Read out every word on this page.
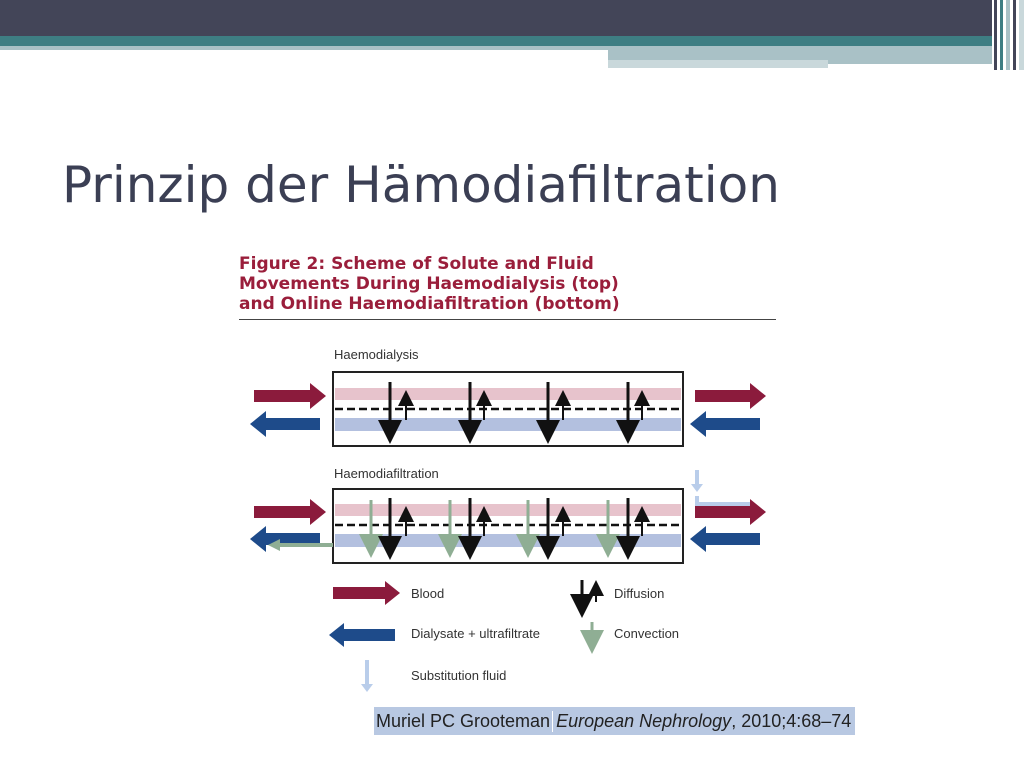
Prinzip der Hämodiafiltration
Figure 2: Scheme of Solute and Fluid
Movements During Haemodialysis (top)
and Online Haemodiafiltration (bottom)
Haemodialysis
Haemodiafiltration
Blood
Dialysate + ultrafiltrate
Substitution fluid
Diffusion
Convection
Muriel PC Grooteman European Nephrology , 2010;4:68–74
